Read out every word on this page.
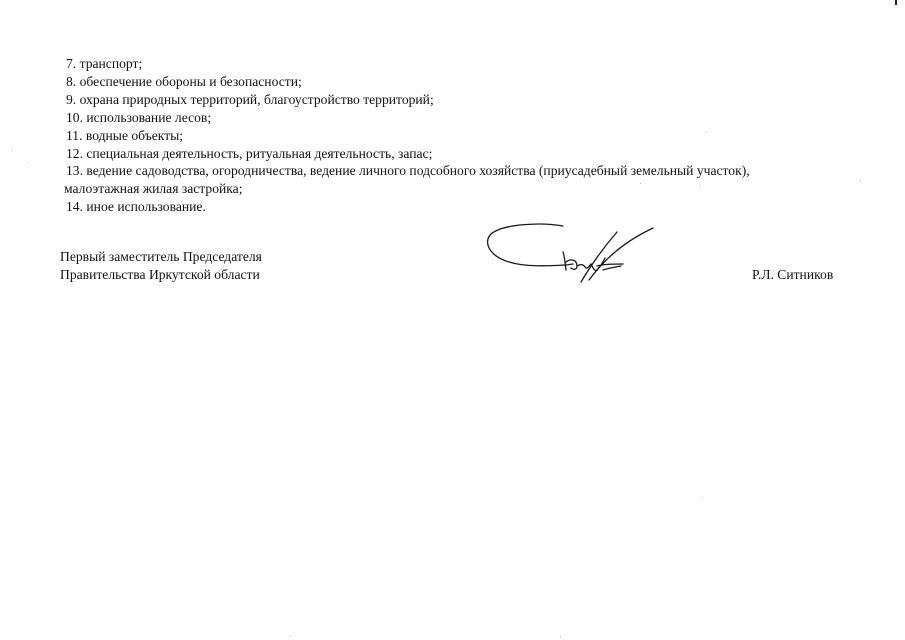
7. транспорт;
8. обеспечение обороны и безопасности;
9. охрана природных территорий, благоустройство территорий;
10. использование лесов;
11. водные объекты;
12. специальная деятельность, ритуальная деятельность, запас;
13. ведение садоводства, огородничества, ведение личного подсобного хозяйства (приусадебный земельный участок),
малоэтажная жилая застройка;
14. иное использование.
Первый заместитель Председателя
Правительства Иркутской области	Р.Л. Ситников
